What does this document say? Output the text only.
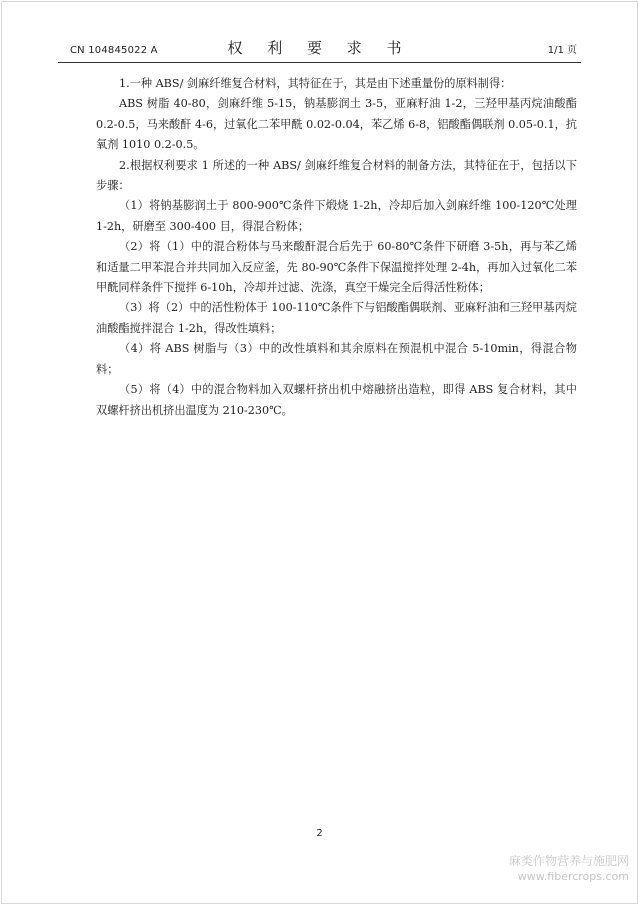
CN 104845022 A	权 利 要 求 书	1/1 页

1.一种 ABS/ 剑麻纤维复合材料，其特征在于，其是由下述重量份的原料制得：

ABS 树脂 40-80，剑麻纤维 5-15，钠基膨润土 3-5，亚麻籽油 1-2，三羟甲基丙烷油酸酯 0.2-0.5，马来酸酐 4-6，过氧化二苯甲酰 0.02-0.04，苯乙烯 6-8，铝酸酯偶联剂 0.05-0.1，抗氧剂 1010 0.2-0.5。

2.根据权利要求 1 所述的一种 ABS/ 剑麻纤维复合材料的制备方法，其特征在于，包括以下步骤：

（1）将钠基膨润土于 800-900℃条件下煅烧 1-2h，冷却后加入剑麻纤维 100-120℃处理 1-2h，研磨至 300-400 目，得混合粉体；

（2）将（1）中的混合粉体与马来酸酐混合后先于 60-80℃条件下研磨 3-5h，再与苯乙烯和适量二甲苯混合并共同加入反应釜，先 80-90℃条件下保温搅拌处理 2-4h，再加入过氧化二苯甲酰同样条件下搅拌 6-10h，冷却并过滤、洗涤，真空干燥完全后得活性粉体；

（3）将（2）中的活性粉体于 100-110℃条件下与铝酸酯偶联剂、亚麻籽油和三羟甲基丙烷油酸酯搅拌混合 1-2h，得改性填料；

（4）将 ABS 树脂与（3）中的改性填料和其余原料在预混机中混合 5-10min，得混合物料；

（5）将（4）中的混合物料加入双螺杆挤出机中熔融挤出造粒，即得 ABS 复合材料，其中双螺杆挤出机挤出温度为 210-230℃。

2
麻类作物营养与施肥网
www.fibercrops.com
